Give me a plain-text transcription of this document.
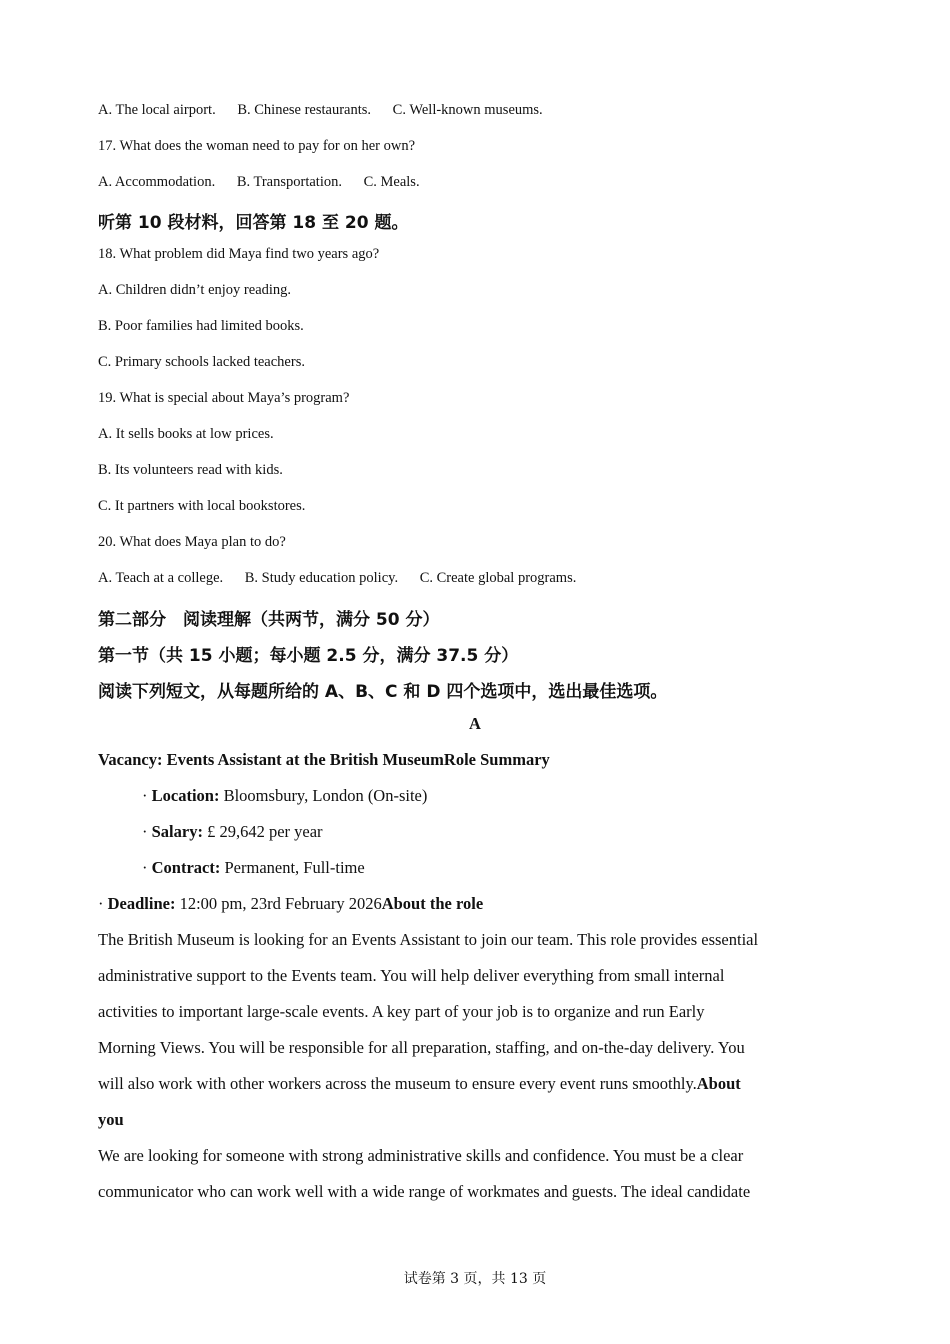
A. The local airport. B. Chinese restaurants. C. Well-known museums.
17. What does the woman need to pay for on her own?
A. Accommodation. B. Transportation. C. Meals.
听第 10 段材料，回答第 18 至 20 题。
18. What problem did Maya find two years ago?
A. Children didn’t enjoy reading.
B. Poor families had limited books.
C. Primary schools lacked teachers.
19. What is special about Maya’s program?
A. It sells books at low prices.
B. Its volunteers read with kids.
C. It partners with local bookstores.
20. What does Maya plan to do?
A. Teach at a college. B. Study education policy. C. Create global programs.
第二部分　阅读理解（共两节，满分 50 分）
第一节（共 15 小题；每小题 2.5 分，满分 37.5 分）
阅读下列短文，从每题所给的 A、B、C 和 D 四个选项中，选出最佳选项。
A
Vacancy: Events Assistant at the British MuseumRole Summary
· Location: Bloomsbury, London (On-site)
· Salary: £ 29,642 per year
· Contract: Permanent, Full-time
· Deadline: 12:00 pm, 23rd February 2026About the role
The British Museum is looking for an Events Assistant to join our team. This role provides essential
administrative support to the Events team. You will help deliver everything from small internal
activities to important large-scale events. A key part of your job is to organize and run Early
Morning Views. You will be responsible for all preparation, staffing, and on-the-day delivery. You
will also work with other workers across the museum to ensure every event runs smoothly.About
you
We are looking for someone with strong administrative skills and confidence. You must be a clear
communicator who can work well with a wide range of workmates and guests. The ideal candidate
试卷第 3 页，共 13 页
